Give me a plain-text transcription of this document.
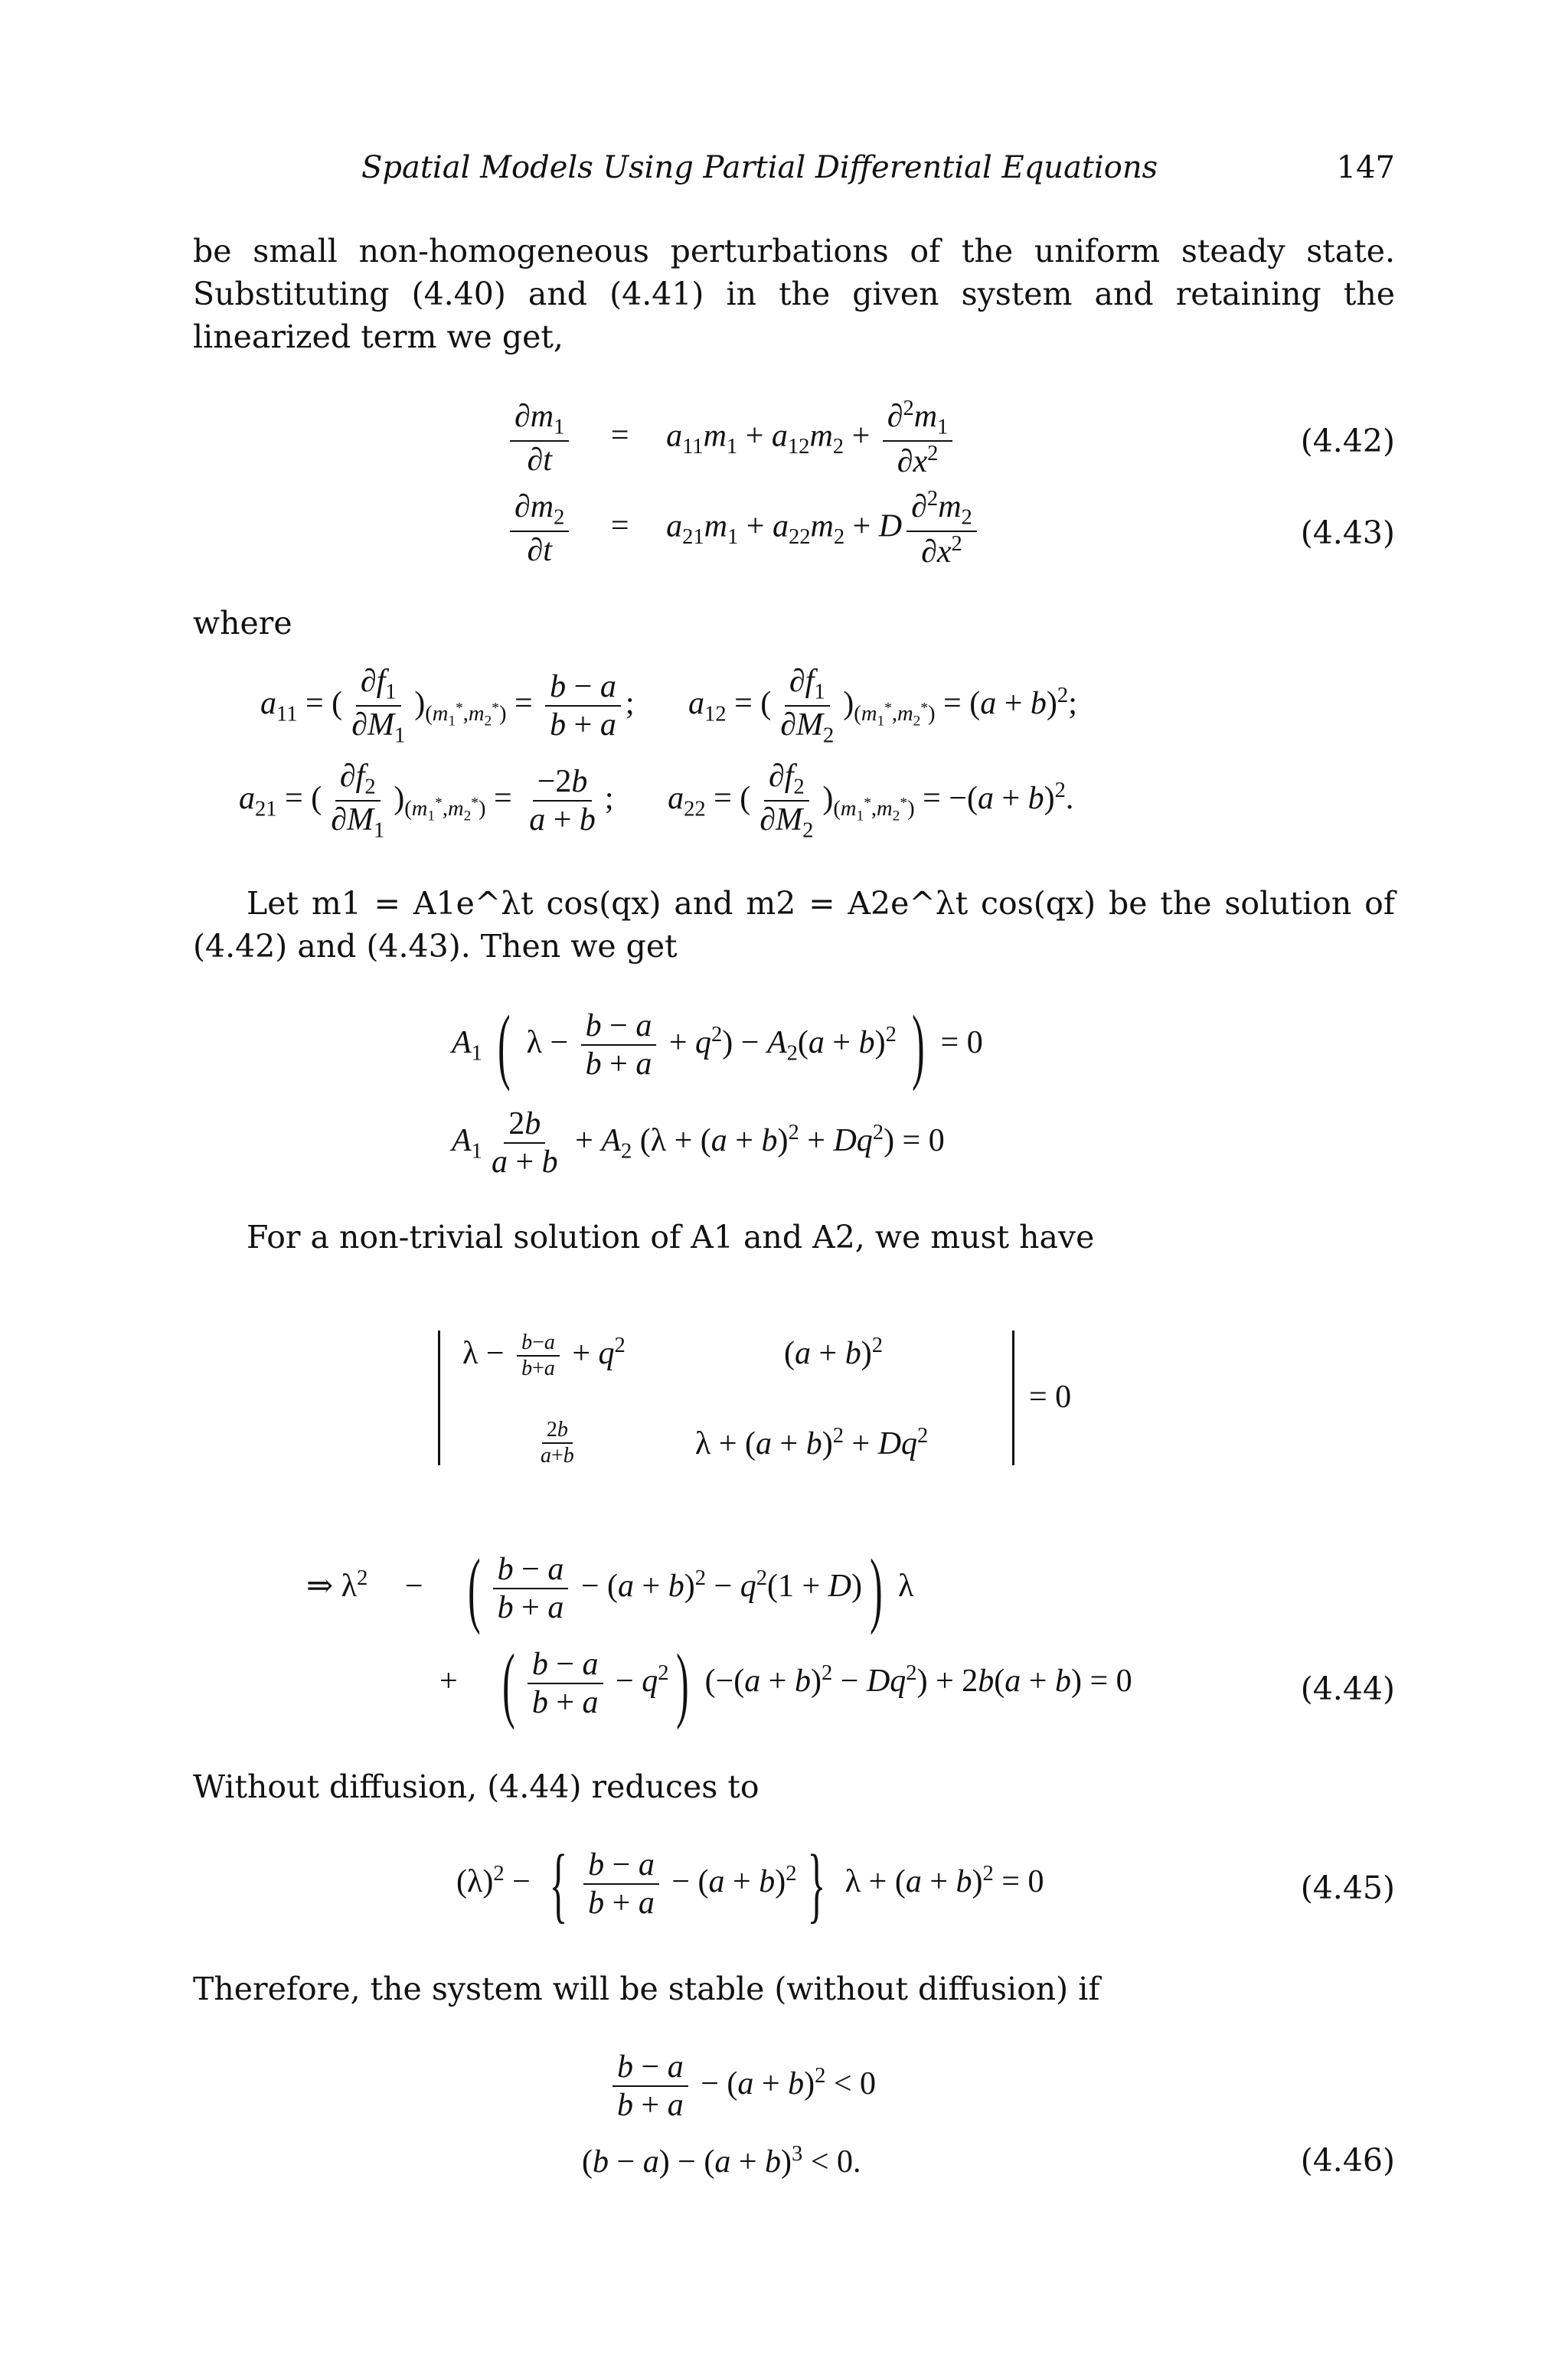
Spatial Models Using Partial Differential Equations	147
be small non-homogeneous perturbations of the uniform steady state. Substituting (4.40) and (4.41) in the given system and retaining the linearized term we get,
$\frac{\partial m_1}{\partial t} = a_{11}m_1 + a_{12}m_2 + \frac{\partial^2m_1}{\partial x^2}$	(4.42)
$\frac{\partial m_2}{\partial t} = a_{21}m_1 + a_{22}m_2 + D \frac{\partial^2m_2}{\partial x^2}$	(4.43)
where
$a_{11}$ = ( $\frac{\partial f_1}{\partial M_1} )_{(m_1^*,m_2^*)} = \frac{b - a}{b + a}$ ; $a_{12}$ = ( $\frac{\partial f_1}{\partial M_2} )_{(m_1^*,m_2^*)} = (a + b)^2$;
$a_{21}$ = ( $\frac{\partial f_2}{\partial M_1} )_{(m_1^*,m_2^*)} = \frac{-2b}{a + b}$ ; $a_{22}$ = ( $\frac{\partial f_2}{\partial M_2} )_{(m_1^*,m_2^*)} = -(a + b)^2$.
Let m1 = A1e^λt cos(qx) and m2 = A2e^λt cos(qx) be the solution of (4.42) and (4.43). Then we get
$A_1$ ( $\lambda - \frac{b - a}{b + a} + q^2) - A_2(a + b)^2$ ) = 0
$A_1 \frac{2b}{a + b} + A_2$ $(\lambda + (a + b)^2 + Dq^2) = 0$
For a non-trivial solution of A1 and A2, we must have
$\lambda - \frac{b-a}{b+a} + q^2$	$(a + b)^2$
$\frac{2b}{a+b}$	$\lambda + (a + b)^2 + Dq^2$
= 0
⇒ $\lambda^2$ − ( $\frac{b - a}{b + a} - (a + b)^2 - q^2(1 + D)$) λ
+ ( $\frac{b - a}{b + a} - q^2$) $(-(a + b)^2 - Dq^2) + 2b(a + b) = 0$	(4.44)
Without diffusion, (4.44) reduces to
$(\lambda)^2$ − { $\frac{b - a}{b + a} - (a + b)^2$ } $\lambda + (a + b)^2 = 0$	(4.45)
Therefore, the system will be stable (without diffusion) if
$\frac{b - a}{b + a} - (a + b)^2 < 0$
$(b - a) - (a + b)^3 < 0$.	(4.46)
